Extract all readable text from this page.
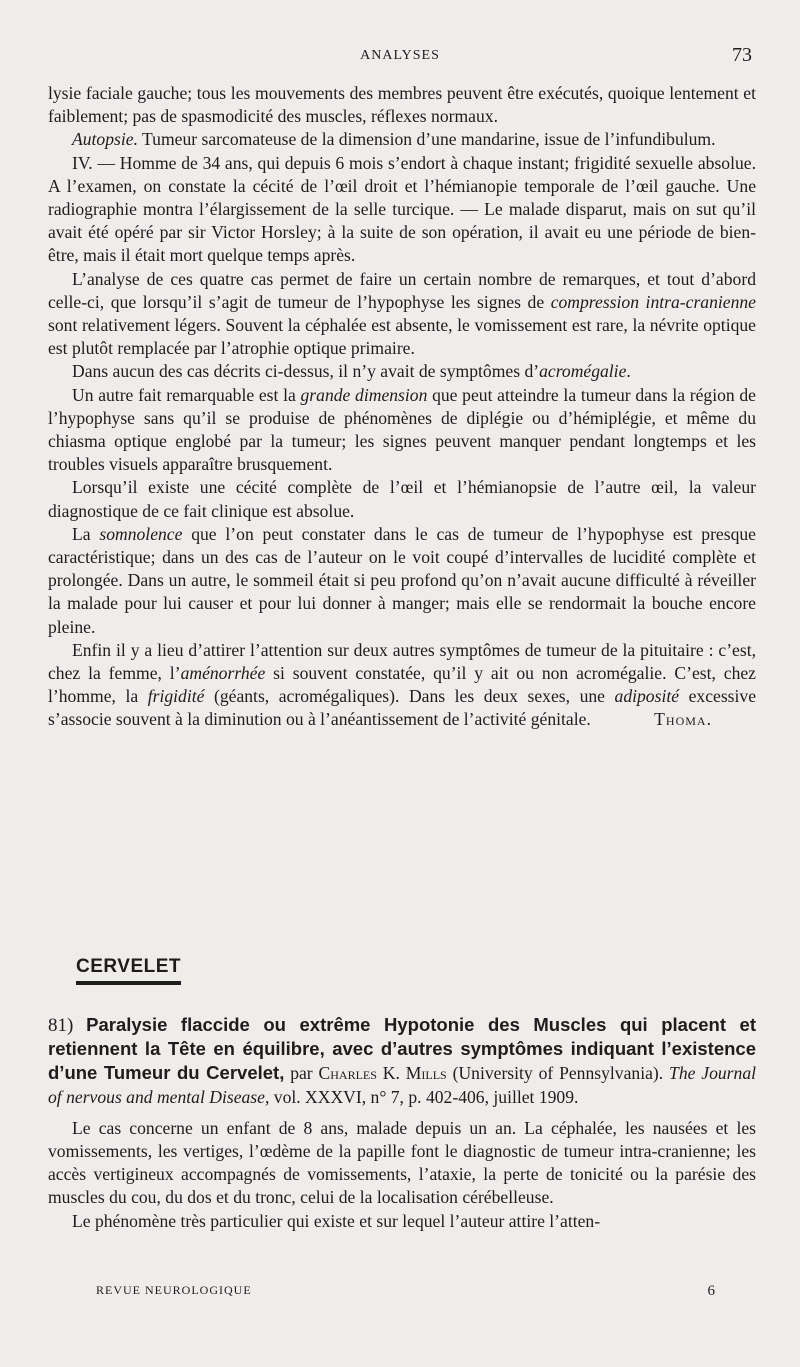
ANALYSES	73

lysie faciale gauche; tous les mouvements des membres peuvent être exécutés, quoique lentement et faiblement; pas de spasmodicité des muscles, réflexes normaux.

Autopsie. Tumeur sarcomateuse de la dimension d’une mandarine, issue de l’infundibulum.

IV. — Homme de 34 ans, qui depuis 6 mois s’endort à chaque instant; frigidité sexuelle absolue. A l’examen, on constate la cécité de l’œil droit et l’hémianopie temporale de l’œil gauche. Une radiographie montra l’élargissement de la selle turcique. — Le malade disparut, mais on sut qu’il avait été opéré par sir Victor Horsley; à la suite de son opération, il avait eu une période de bien-être, mais il était mort quelque temps après.

L’analyse de ces quatre cas permet de faire un certain nombre de remarques, et tout d’abord celle-ci, que lorsqu’il s’agit de tumeur de l’hypophyse les signes de compression intra-cranienne sont relativement légers. Souvent la céphalée est absente, le vomissement est rare, la névrite optique est plutôt remplacée par l’atrophie optique primaire.

Dans aucun des cas décrits ci-dessus, il n’y avait de symptômes d’acromégalie.

Un autre fait remarquable est la grande dimension que peut atteindre la tumeur dans la région de l’hypophyse sans qu’il se produise de phénomènes de diplégie ou d’hémiplégie, et même du chiasma optique englobé par la tumeur; les signes peuvent manquer pendant longtemps et les troubles visuels apparaître brusquement.

Lorsqu’il existe une cécité complète de l’œil et l’hémianopsie de l’autre œil, la valeur diagnostique de ce fait clinique est absolue.

La somnolence que l’on peut constater dans le cas de tumeur de l’hypophyse est presque caractéristique; dans un des cas de l’auteur on le voit coupé d’intervalles de lucidité complète et prolongée. Dans un autre, le sommeil était si peu profond qu’on n’avait aucune difficulté à réveiller la malade pour lui causer et pour lui donner à manger; mais elle se rendormait la bouche encore pleine.

Enfin il y a lieu d’attirer l’attention sur deux autres symptômes de tumeur de la pituitaire : c’est, chez la femme, l’aménorrhée si souvent constatée, qu’il y ait ou non acromégalie. C’est, chez l’homme, la frigidité (géants, acromégaliques). Dans les deux sexes, une adiposité excessive s’associe souvent à la diminution ou à l’anéantissement de l’activité génitale.	Thoma.

CERVELET

81) Paralysie flaccide ou extrême Hypotonie des Muscles qui placent et retiennent la Tête en équilibre, avec d’autres symptômes indiquant l’existence d’une Tumeur du Cervelet, par Charles K. Mills (University of Pennsylvania). The Journal of nervous and mental Disease, vol. XXXVI, n° 7, p. 402-406, juillet 1909.

Le cas concerne un enfant de 8 ans, malade depuis un an. La céphalée, les nausées et les vomissements, les vertiges, l’œdème de la papille font le diagnostic de tumeur intra-cranienne; les accès vertigineux accompagnés de vomissements, l’ataxie, la perte de tonicité ou la parésie des muscles du cou, du dos et du tronc, celui de la localisation cérébelleuse.

Le phénomène très particulier qui existe et sur lequel l’auteur attire l’atten-

REVUE NEUROLOGIQUE	6
